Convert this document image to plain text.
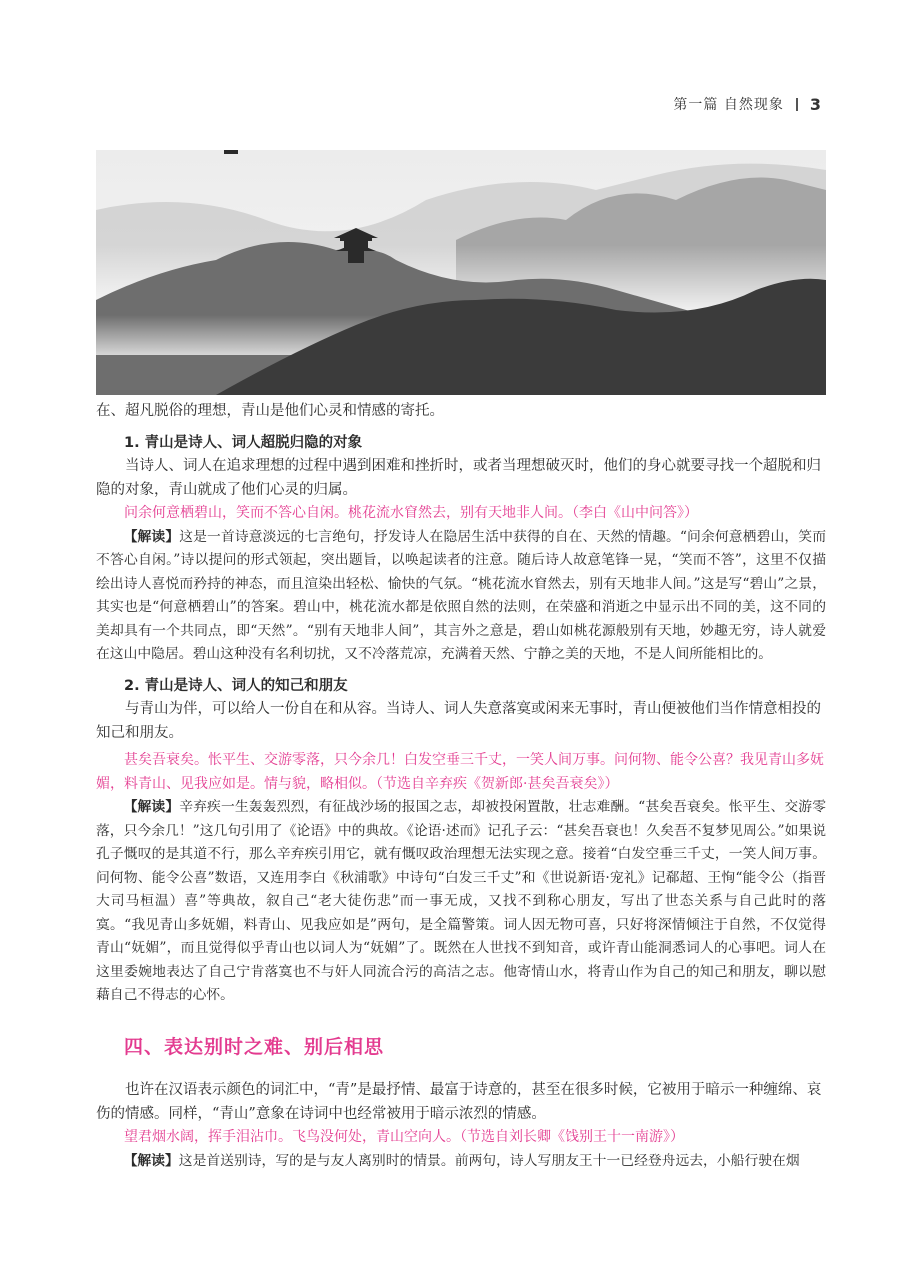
第一篇 自然现象 3

在、超凡脱俗的理想，青山是他们心灵和情感的寄托。

1. 青山是诗人、词人超脱归隐的对象

当诗人、词人在追求理想的过程中遇到困难和挫折时，或者当理想破灭时，他们的身心就要寻找一个超脱和归隐的对象，青山就成了他们心灵的归属。

问余何意栖碧山，笑而不答心自闲。桃花流水窅然去，别有天地非人间。（李白《山中问答》）

【解读】这是一首诗意淡远的七言绝句，抒发诗人在隐居生活中获得的自在、天然的情趣。“问余何意栖碧山，笑而不答心自闲。”诗以提问的形式领起，突出题旨，以唤起读者的注意。随后诗人故意笔锋一晃，“笑而不答”，这里不仅描绘出诗人喜悦而矜持的神态，而且渲染出轻松、愉快的气氛。“桃花流水窅然去，别有天地非人间。”这是写“碧山”之景，其实也是“何意栖碧山”的答案。碧山中，桃花流水都是依照自然的法则，在荣盛和消逝之中显示出不同的美，这不同的美却具有一个共同点，即“天然”。“别有天地非人间”，其言外之意是，碧山如桃花源般别有天地，妙趣无穷，诗人就爱在这山中隐居。碧山这种没有名利切扰，又不冷落荒凉，充满着天然、宁静之美的天地，不是人间所能相比的。

2. 青山是诗人、词人的知己和朋友

与青山为伴，可以给人一份自在和从容。当诗人、词人失意落寞或闲来无事时，青山便被他们当作情意相投的知己和朋友。

甚矣吾衰矣。怅平生、交游零落，只今余几！白发空垂三千丈，一笑人间万事。问何物、能令公喜？我见青山多妩媚，料青山、见我应如是。情与貌，略相似。（节选自辛弃疾《贺新郎·甚矣吾衰矣》）

【解读】辛弃疾一生轰轰烈烈，有征战沙场的报国之志，却被投闲置散，壮志难酬。“甚矣吾衰矣。怅平生、交游零落，只今余几！”这几句引用了《论语》中的典故。《论语·述而》记孔子云：“甚矣吾衰也！久矣吾不复梦见周公。”如果说孔子慨叹的是其道不行，那么辛弃疾引用它，就有慨叹政治理想无法实现之意。接着“白发空垂三千丈，一笑人间万事。问何物、能令公喜”数语，又连用李白《秋浦歌》中诗句“白发三千丈”和《世说新语·宠礼》记郗超、王恂“能令公（指晋大司马桓温）喜”等典故，叙自己“老大徒伤悲”而一事无成，又找不到称心朋友，写出了世态关系与自己此时的落寞。“我见青山多妩媚，料青山、见我应如是”两句，是全篇警策。词人因无物可喜，只好将深情倾注于自然，不仅觉得青山“妩媚”，而且觉得似乎青山也以词人为“妩媚”了。既然在人世找不到知音，或许青山能洞悉词人的心事吧。词人在这里委婉地表达了自己宁肯落寞也不与奸人同流合污的高洁之志。他寄情山水，将青山作为自己的知己和朋友，聊以慰藉自己不得志的心怀。

四、表达别时之难、别后相思

也许在汉语表示颜色的词汇中，“青”是最抒情、最富于诗意的，甚至在很多时候，它被用于暗示一种缠绵、哀伤的情感。同样，“青山”意象在诗词中也经常被用于暗示浓烈的情感。

望君烟水阔，挥手泪沾巾。飞鸟没何处，青山空向人。（节选自刘长卿《饯别王十一南游》）

【解读】这是首送别诗，写的是与友人离别时的情景。前两句，诗人写朋友王十一已经登舟远去，小船行驶在烟
